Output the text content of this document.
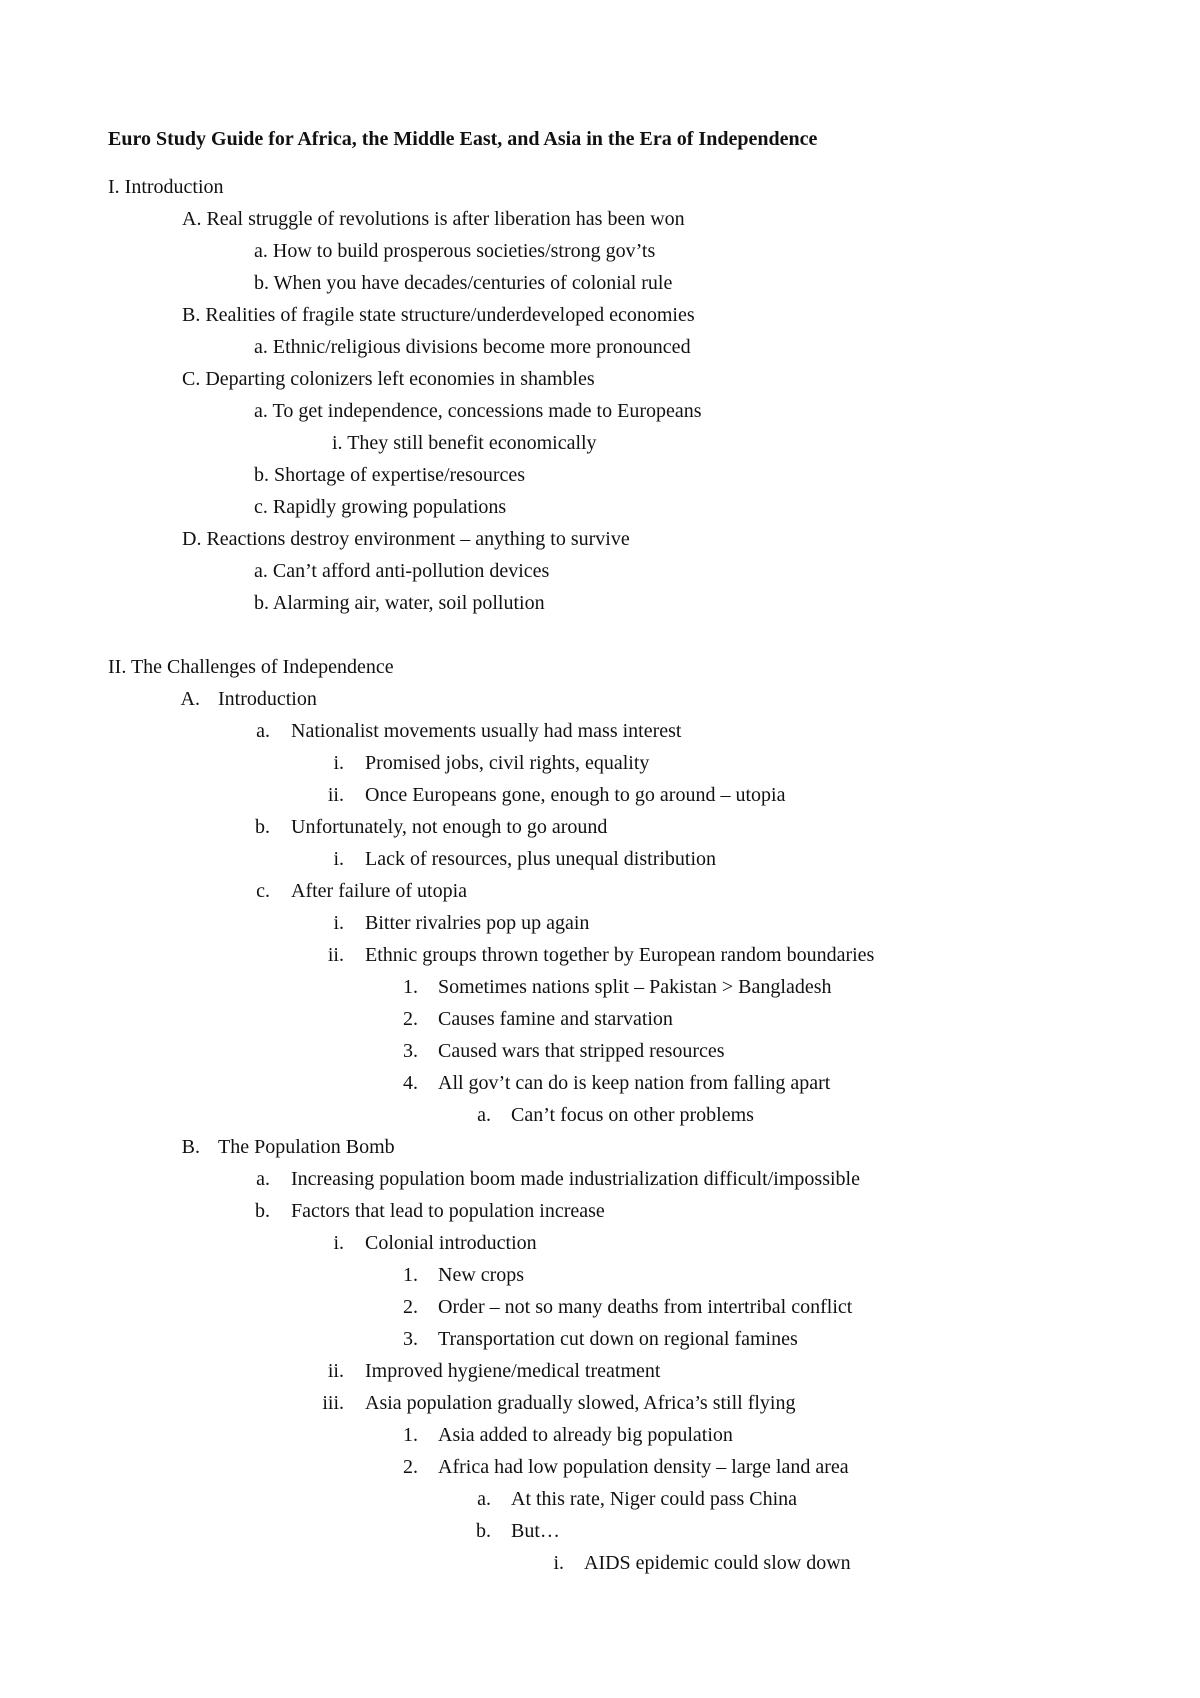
Euro Study Guide for Africa, the Middle East, and Asia in the Era of Independence
I. Introduction
A. Real struggle of revolutions is after liberation has been won
a. How to build prosperous societies/strong gov’ts
b. When you have decades/centuries of colonial rule
B. Realities of fragile state structure/underdeveloped economies
a. Ethnic/religious divisions become more pronounced
C. Departing colonizers left economies in shambles
a. To get independence, concessions made to Europeans
i. They still benefit economically
b. Shortage of expertise/resources
c. Rapidly growing populations
D. Reactions destroy environment – anything to survive
a. Can’t afford anti-pollution devices
b. Alarming air, water, soil pollution
II. The Challenges of Independence
A. Introduction
a. Nationalist movements usually had mass interest
i. Promised jobs, civil rights, equality
ii. Once Europeans gone, enough to go around – utopia
b. Unfortunately, not enough to go around
i. Lack of resources, plus unequal distribution
c. After failure of utopia
i. Bitter rivalries pop up again
ii. Ethnic groups thrown together by European random boundaries
1. Sometimes nations split – Pakistan > Bangladesh
2. Causes famine and starvation
3. Caused wars that stripped resources
4. All gov’t can do is keep nation from falling apart
a. Can’t focus on other problems
B. The Population Bomb
a. Increasing population boom made industrialization difficult/impossible
b. Factors that lead to population increase
i. Colonial introduction
1. New crops
2. Order – not so many deaths from intertribal conflict
3. Transportation cut down on regional famines
ii. Improved hygiene/medical treatment
iii. Asia population gradually slowed, Africa’s still flying
1. Asia added to already big population
2. Africa had low population density – large land area
a. At this rate, Niger could pass China
b. But…
i. AIDS epidemic could slow down
